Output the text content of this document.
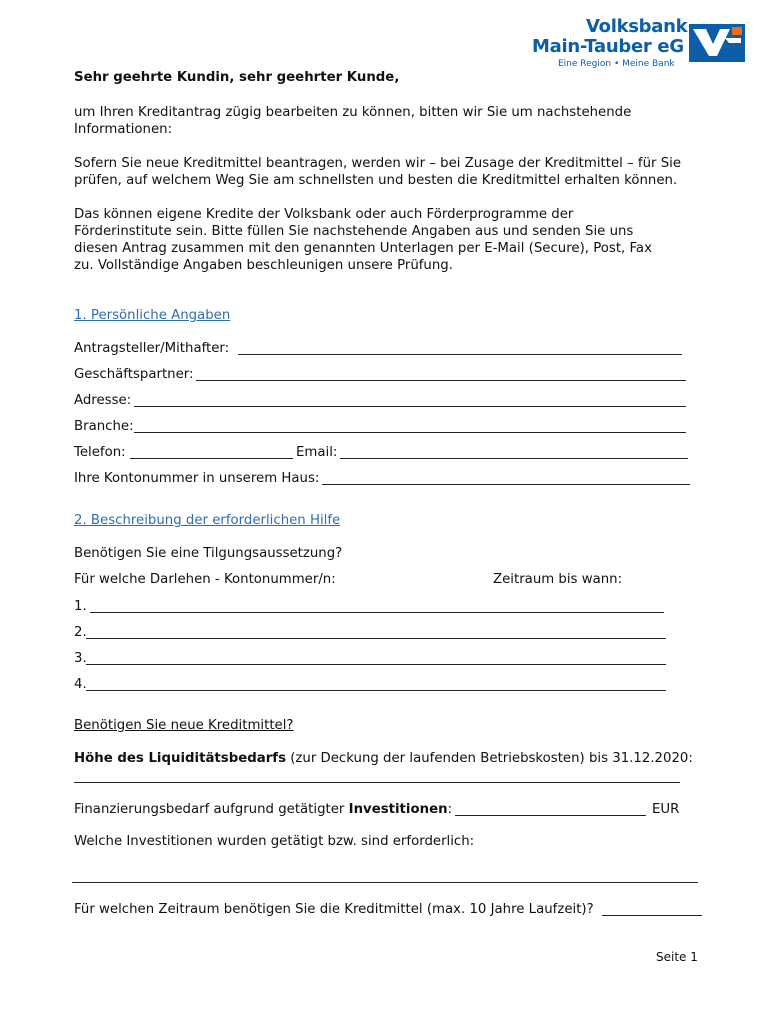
Volksbank
Main-Tauber eG
Eine Region • Meine Bank
Sehr geehrte Kundin, sehr geehrter Kunde,
um Ihren Kreditantrag zügig bearbeiten zu können, bitten wir Sie um nachstehende Informationen:
Sofern Sie neue Kreditmittel beantragen, werden wir – bei Zusage der Kreditmittel – für Sie prüfen, auf welchem Weg Sie am schnellsten und besten die Kreditmittel erhalten können.
Das können eigene Kredite der Volksbank oder auch Förderprogramme der Förderinstitute sein. Bitte füllen Sie nachstehende Angaben aus und senden Sie uns diesen Antrag zusammen mit den genannten Unterlagen per E-Mail (Secure), Post, Fax zu. Vollständige Angaben beschleunigen unsere Prüfung.
1. Persönliche Angaben
Antragsteller/Mithafter:
Geschäftspartner:
Adresse:
Branche:
Telefon:	Email:
Ihre Kontonummer in unserem Haus:
2. Beschreibung der erforderlichen Hilfe
Benötigen Sie eine Tilgungsaussetzung?
Für welche Darlehen - Kontonummer/n:	Zeitraum bis wann:
1.
2.
3.
4.
Benötigen Sie neue Kreditmittel?
Höhe des Liquiditätsbedarfs (zur Deckung der laufenden Betriebskosten) bis 31.12.2020:
Finanzierungsbedarf aufgrund getätigter Investitionen:	EUR
Welche Investitionen wurden getätigt bzw. sind erforderlich:
Für welchen Zeitraum benötigen Sie die Kreditmittel (max. 10 Jahre Laufzeit)?
Seite 1
